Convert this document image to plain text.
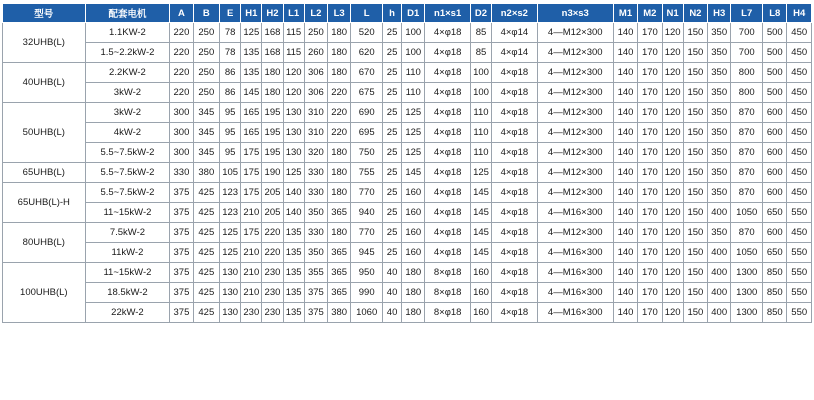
型号	配套电机	A	B	E	H1	H2	L1	L2	L3	L	h	D1	n1×s1	D2	n2×s2	n3×s3	M1	M2	N1	N2	H3	L7	L8	H4
32UHB(L)	1.1KW-2	220	250	78	125	168	115	250	180	520	25	100	4×φ18	85	4×φ14	4—M12×300	140	170	120	150	350	700	500	450
	1.5~2.2kW-2	220	250	78	135	168	115	260	180	620	25	100	4×φ18	85	4×φ14	4—M12×300	140	170	120	150	350	700	500	450
40UHB(L)	2.2KW-2	220	250	86	135	180	120	306	180	670	25	110	4×φ18	100	4×φ18	4—M12×300	140	170	120	150	350	800	500	450
	3kW-2	220	250	86	145	180	120	306	220	675	25	110	4×φ18	100	4×φ18	4—M12×300	140	170	120	150	350	800	500	450
50UHB(L)	3kW-2	300	345	95	165	195	130	310	220	690	25	125	4×φ18	110	4×φ18	4—M12×300	140	170	120	150	350	870	600	450
	4kW-2	300	345	95	165	195	130	310	220	695	25	125	4×φ18	110	4×φ18	4—M12×300	140	170	120	150	350	870	600	450
	5.5~7.5kW-2	300	345	95	175	195	130	320	180	750	25	125	4×φ18	110	4×φ18	4—M12×300	140	170	120	150	350	870	600	450
65UHB(L)	5.5~7.5kW-2	330	380	105	175	190	125	330	180	755	25	145	4×φ18	125	4×φ18	4—M12×300	140	170	120	150	350	870	600	450
65UHB(L)-H	5.5~7.5kW-2	375	425	123	175	205	140	330	180	770	25	160	4×φ18	145	4×φ18	4—M12×300	140	170	120	150	350	870	600	450
	11~15kW-2	375	425	123	210	205	140	350	365	940	25	160	4×φ18	145	4×φ18	4—M16×300	140	170	120	150	400	1050	650	550
80UHB(L)	7.5kW-2	375	425	125	175	220	135	330	180	770	25	160	4×φ18	145	4×φ18	4—M12×300	140	170	120	150	350	870	600	450
	11kW-2	375	425	125	210	220	135	350	365	945	25	160	4×φ18	145	4×φ18	4—M16×300	140	170	120	150	400	1050	650	550
100UHB(L)	11~15kW-2	375	425	130	210	230	135	355	365	950	40	180	8×φ18	160	4×φ18	4—M16×300	140	170	120	150	400	1300	850	550
	18.5kW-2	375	425	130	210	230	135	375	365	990	40	180	8×φ18	160	4×φ18	4—M16×300	140	170	120	150	400	1300	850	550
	22kW-2	375	425	130	230	230	135	375	380	1060	40	180	8×φ18	160	4×φ18	4—M16×300	140	170	120	150	400	1300	850	550
